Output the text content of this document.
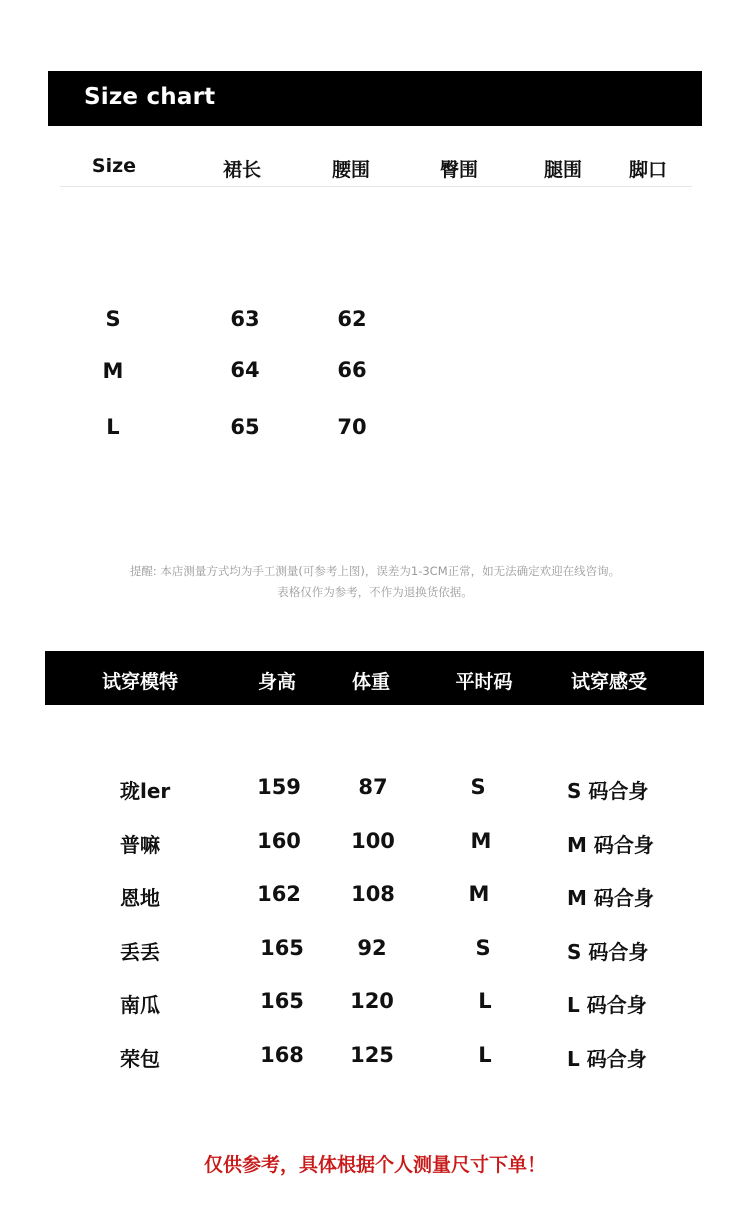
Size chart
Size	裙长	腰围	臀围	腿围	脚口
S	63	62
M	64	66
L	65	70
提醒: 本店测量方式均为手工测量(可参考上图)，误差为1-3CM正常，如无法确定欢迎在线咨询。
表格仅作为参考，不作为退换货依据。
试穿模特	身高	体重	平时码	试穿感受
珑ler	159	87	S	S 码合身
普嘛	160	100	M	M 码合身
恩地	162	108	M	M 码合身
丢丢	165	92	S	S 码合身
南瓜	165	120	L	L 码合身
荣包	168	125	L	L 码合身
仅供参考，具体根据个人测量尺寸下单！
